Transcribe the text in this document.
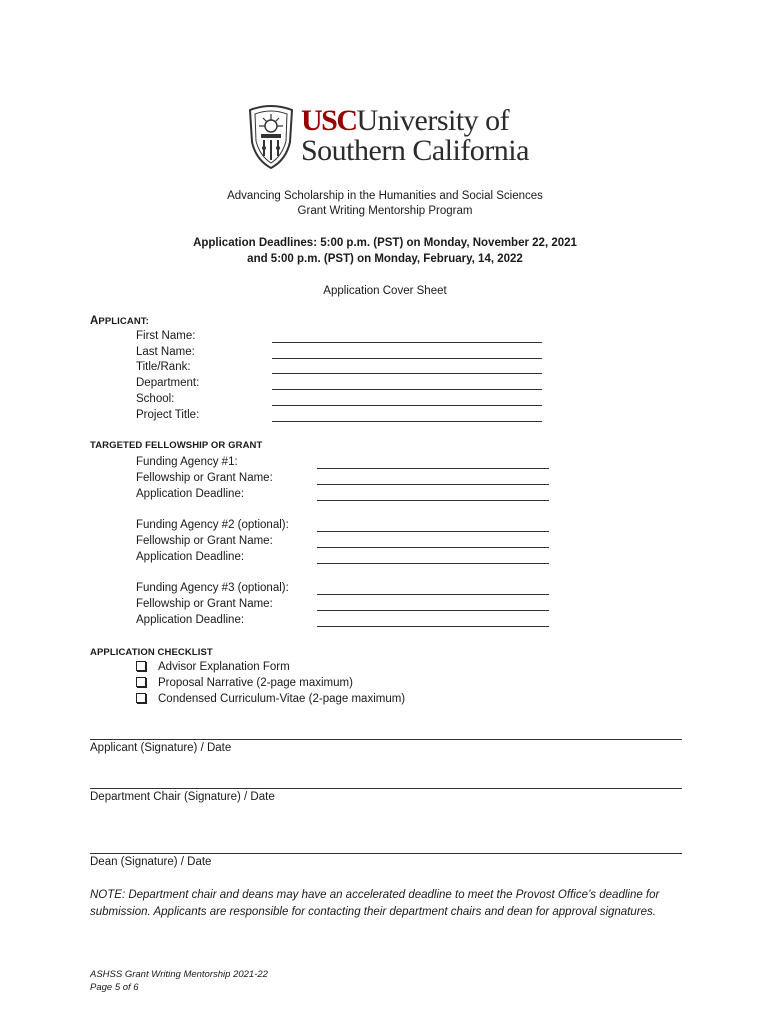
USCUniversity of
Southern California
Advancing Scholarship in the Humanities and Social Sciences
Grant Writing Mentorship Program
Application Deadlines: 5:00 p.m. (PST) on Monday, November 22, 2021
and 5:00 p.m. (PST) on Monday, February, 14, 2022
Application Cover Sheet
APPLICANT:
First Name:
Last Name:
Title/Rank:
Department:
School:
Project Title:
TARGETED FELLOWSHIP OR GRANT
Funding Agency #1:
Fellowship or Grant Name:
Application Deadline:
Funding Agency #2 (optional):
Fellowship or Grant Name:
Application Deadline:
Funding Agency #3 (optional):
Fellowship or Grant Name:
Application Deadline:
APPLICATION CHECKLIST
Advisor Explanation Form
Proposal Narrative (2-page maximum)
Condensed Curriculum-Vitae (2-page maximum)
Applicant (Signature) / Date
Department Chair (Signature) / Date
Dean (Signature) / Date
NOTE: Department chair and deans may have an accelerated deadline to meet the Provost Office’s deadline for submission. Applicants are responsible for contacting their department chairs and dean for approval signatures.
ASHSS Grant Writing Mentorship 2021-22
Page 5 of 6
